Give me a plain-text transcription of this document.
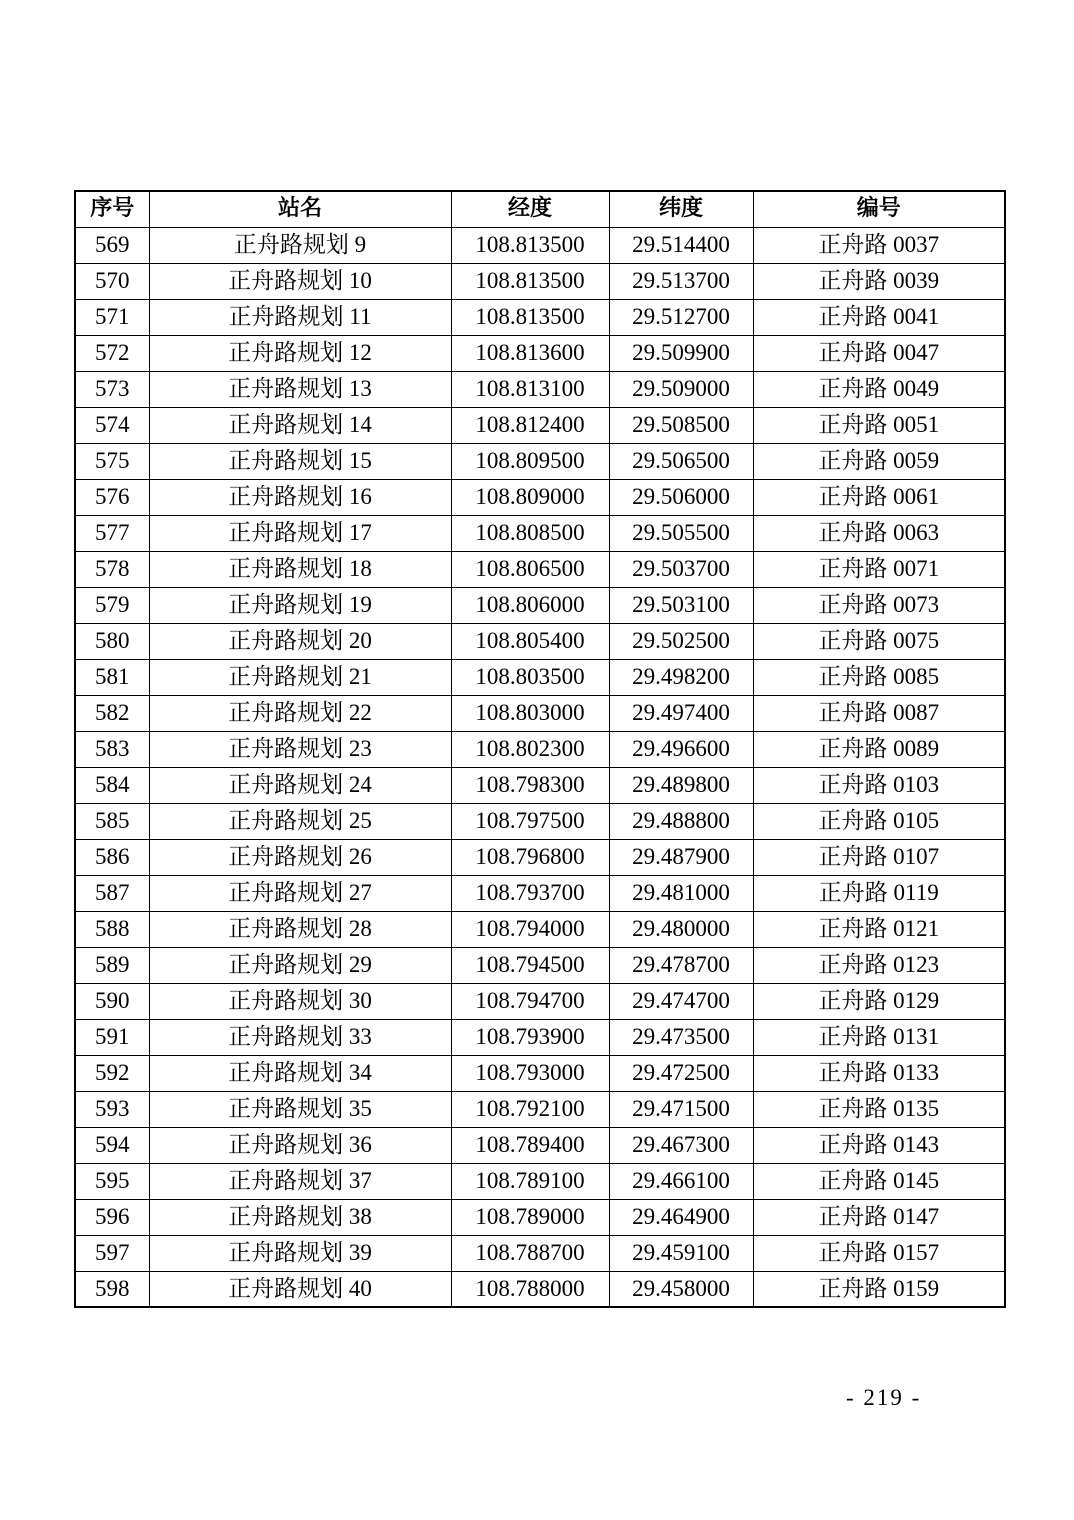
序号	站名	经度	纬度	编号
569	正舟路规划 9	108.813500	29.514400	正舟路 0037
570	正舟路规划 10	108.813500	29.513700	正舟路 0039
571	正舟路规划 11	108.813500	29.512700	正舟路 0041
572	正舟路规划 12	108.813600	29.509900	正舟路 0047
573	正舟路规划 13	108.813100	29.509000	正舟路 0049
574	正舟路规划 14	108.812400	29.508500	正舟路 0051
575	正舟路规划 15	108.809500	29.506500	正舟路 0059
576	正舟路规划 16	108.809000	29.506000	正舟路 0061
577	正舟路规划 17	108.808500	29.505500	正舟路 0063
578	正舟路规划 18	108.806500	29.503700	正舟路 0071
579	正舟路规划 19	108.806000	29.503100	正舟路 0073
580	正舟路规划 20	108.805400	29.502500	正舟路 0075
581	正舟路规划 21	108.803500	29.498200	正舟路 0085
582	正舟路规划 22	108.803000	29.497400	正舟路 0087
583	正舟路规划 23	108.802300	29.496600	正舟路 0089
584	正舟路规划 24	108.798300	29.489800	正舟路 0103
585	正舟路规划 25	108.797500	29.488800	正舟路 0105
586	正舟路规划 26	108.796800	29.487900	正舟路 0107
587	正舟路规划 27	108.793700	29.481000	正舟路 0119
588	正舟路规划 28	108.794000	29.480000	正舟路 0121
589	正舟路规划 29	108.794500	29.478700	正舟路 0123
590	正舟路规划 30	108.794700	29.474700	正舟路 0129
591	正舟路规划 33	108.793900	29.473500	正舟路 0131
592	正舟路规划 34	108.793000	29.472500	正舟路 0133
593	正舟路规划 35	108.792100	29.471500	正舟路 0135
594	正舟路规划 36	108.789400	29.467300	正舟路 0143
595	正舟路规划 37	108.789100	29.466100	正舟路 0145
596	正舟路规划 38	108.789000	29.464900	正舟路 0147
597	正舟路规划 39	108.788700	29.459100	正舟路 0157
598	正舟路规划 40	108.788000	29.458000	正舟路 0159
- 219 -
